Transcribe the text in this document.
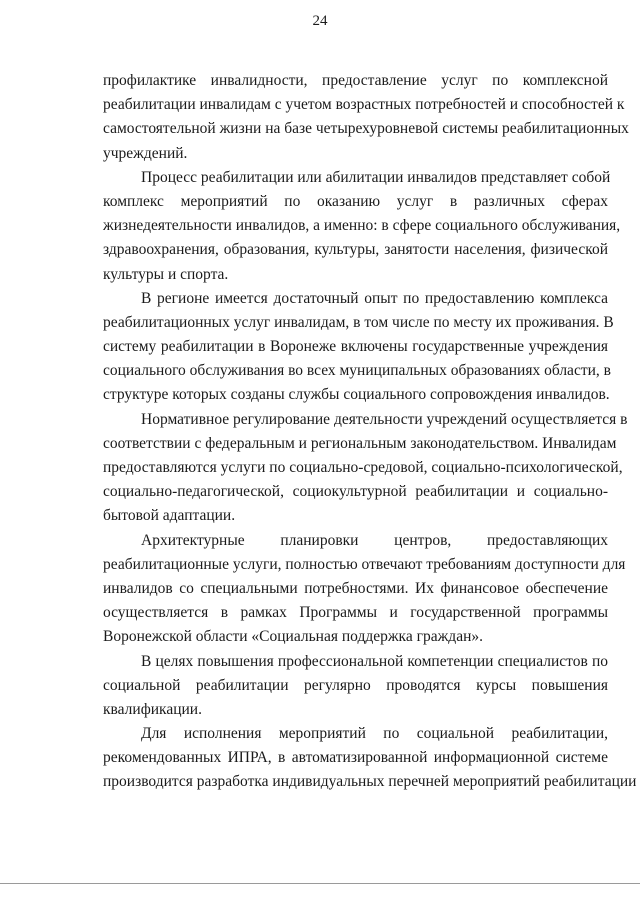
24
профилактике инвалидности, предоставление услуг по комплексной
реабилитации инвалидам с учетом возрастных потребностей и способностей к
самостоятельной жизни на базе четырехуровневой системы реабилитационных
учреждений.
Процесс реабилитации или абилитации инвалидов представляет собой
комплекс мероприятий по оказанию услуг в различных сферах
жизнедеятельности инвалидов, а именно: в сфере социального обслуживания,
здравоохранения, образования, культуры, занятости населения, физической
культуры и спорта.
В регионе имеется достаточный опыт по предоставлению комплекса
реабилитационных услуг инвалидам, в том числе по месту их проживания. В
систему реабилитации в Воронеже включены государственные учреждения
социального обслуживания во всех муниципальных образованиях области, в
структуре которых созданы службы социального сопровождения инвалидов.
Нормативное регулирование деятельности учреждений осуществляется в
соответствии с федеральным и региональным законодательством. Инвалидам
предоставляются услуги по социально-средовой, социально-психологической,
социально-педагогической, социокультурной реабилитации и социально-
бытовой адаптации.
Архитектурные планировки центров, предоставляющих
реабилитационные услуги, полностью отвечают требованиям доступности для
инвалидов со специальными потребностями. Их финансовое обеспечение
осуществляется в рамках Программы и государственной программы
Воронежской области «Социальная поддержка граждан».
В целях повышения профессиональной компетенции специалистов по
социальной реабилитации регулярно проводятся курсы повышения
квалификации.
Для исполнения мероприятий по социальной реабилитации,
рекомендованных ИПРА, в автоматизированной информационной системе
производится разработка индивидуальных перечней мероприятий реабилитации
